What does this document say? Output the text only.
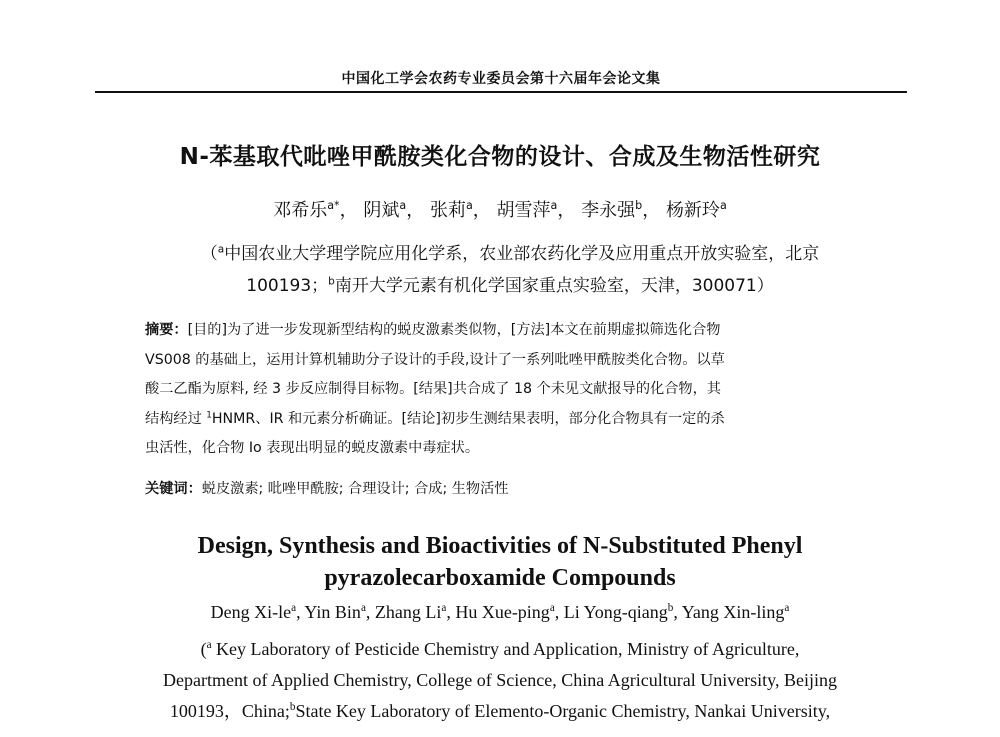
中国化工学会农药专业委员会第十六届年会论文集
N-苯基取代吡唑甲酰胺类化合物的设计、合成及生物活性研究
邓希乐$^{a*}$， 阴斌$^a$， 张莉$^a$， 胡雪萍$^a$， 李永强$^b$， 杨新玲$^a$
（$^a$中国农业大学理学院应用化学系，农业部农药化学及应用重点开放实验室，北京
100193；$^b$南开大学元素有机化学国家重点实验室，天津，300071）
摘要：[目的]为了进一步发现新型结构的蜕皮激素类似物，[方法]本文在前期虚拟筛选化合物
VS008 的基础上，运用计算机辅助分子设计的手段,设计了一系列吡唑甲酰胺类化合物。以草
酸二乙酯为原料, 经 3 步反应制得目标物。[结果]共合成了 18 个未见文献报导的化合物，其
结构经过 $^1$HNMR、IR 和元素分析确证。[结论]初步生测结果表明，部分化合物具有一定的杀
虫活性，化合物 Io 表现出明显的蜕皮激素中毒症状。
关键词：蜕皮激素; 吡唑甲酰胺; 合理设计; 合成; 生物活性
Design, Synthesis and Bioactivities of N-Substituted Phenyl
pyrazolecarboxamide Compounds
Deng $Xi-le^a$, Yin Bin$^a$, Zhang Li$^a$, Hu Xue-ping$^a$, Li Yong-qiang$^b$, Yang Xin-ling$^a$
($^a$ Key Laboratory of Pesticide Chemistry and Application, Ministry of Agriculture,
Department of Applied Chemistry, College of Science, China Agricultural University, Beijing
100193，China;$^b$State Key Laboratory of Elemento-Organic Chemistry, Nankai University,
